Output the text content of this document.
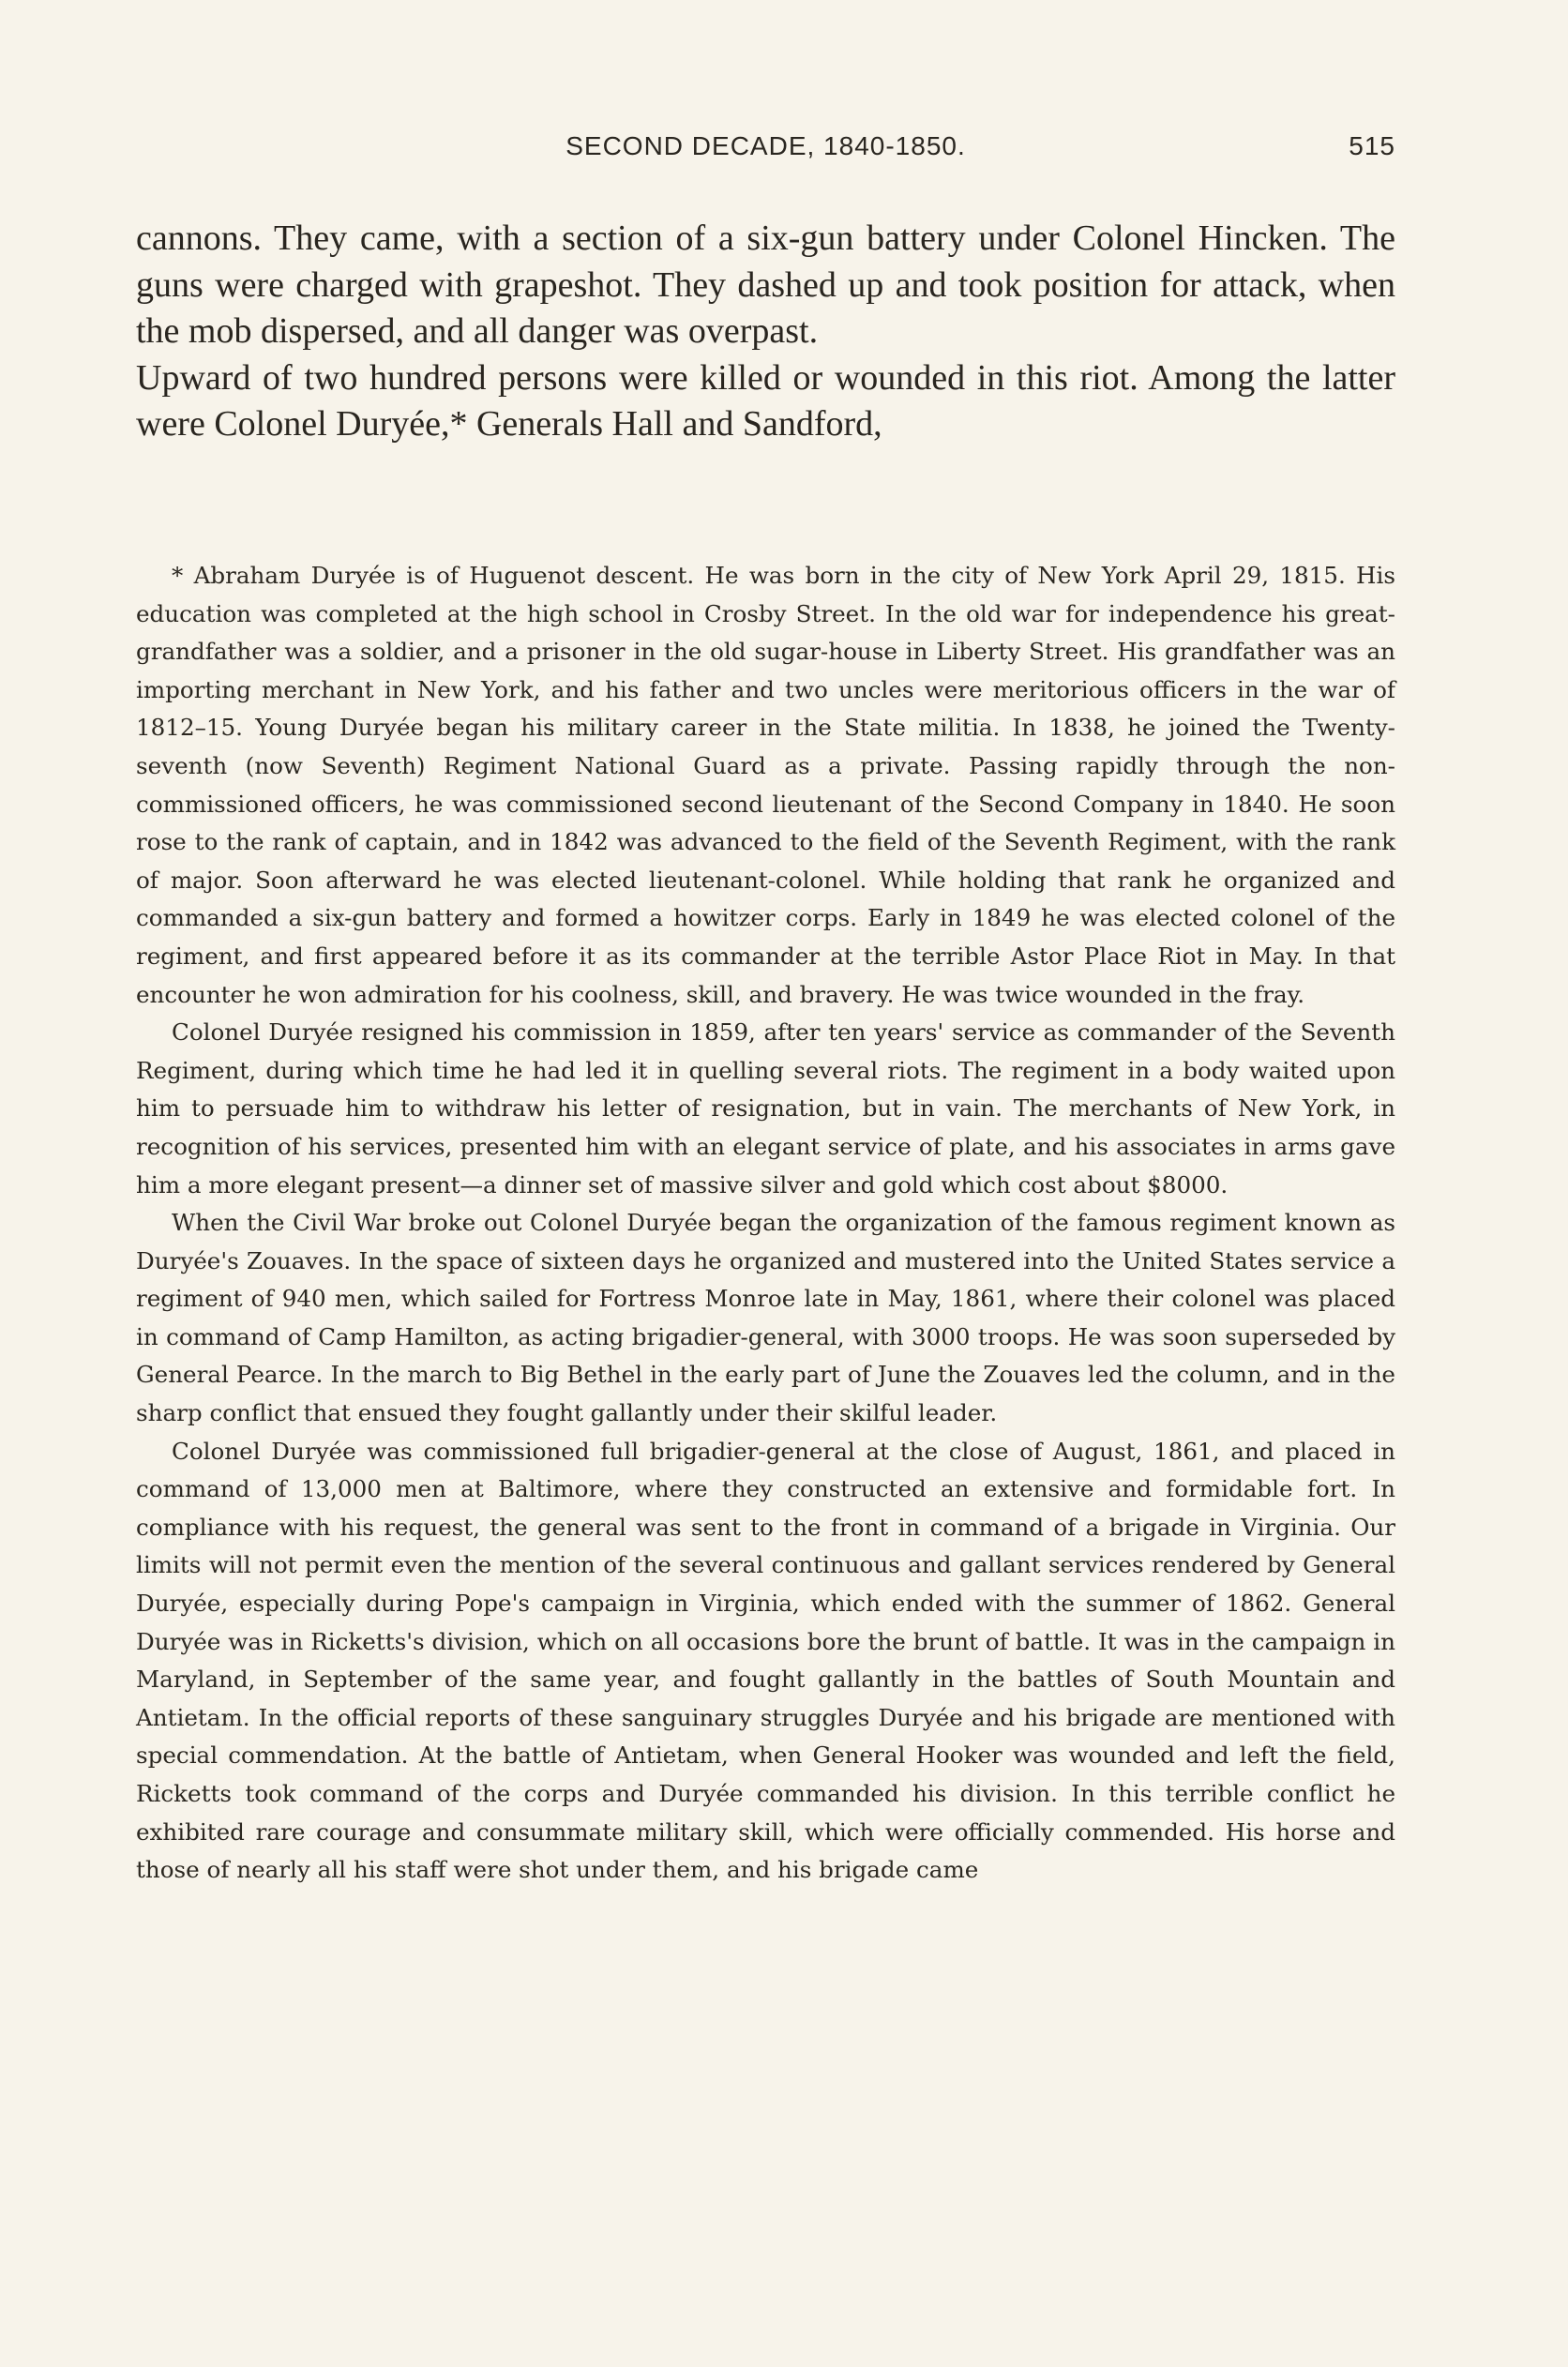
SECOND DECADE, 1840-1850.	515

cannons. They came, with a section of a six-gun battery under Colonel Hincken. The guns were charged with grapeshot. They dashed up and took position for attack, when the mob dispersed, and all danger was overpast.

Upward of two hundred persons were killed or wounded in this riot. Among the latter were Colonel Duryée,* Generals Hall and Sandford,

* Abraham Duryée is of Huguenot descent. He was born in the city of New York April 29, 1815. His education was completed at the high school in Crosby Street. In the old war for independence his great-grandfather was a soldier, and a prisoner in the old sugar-house in Liberty Street. His grandfather was an importing merchant in New York, and his father and two uncles were meritorious officers in the war of 1812–15. Young Duryée began his military career in the State militia. In 1838, he joined the Twenty-seventh (now Seventh) Regiment National Guard as a private. Passing rapidly through the non-commissioned officers, he was commissioned second lieutenant of the Second Company in 1840. He soon rose to the rank of captain, and in 1842 was advanced to the field of the Seventh Regiment, with the rank of major. Soon afterward he was elected lieutenant-colonel. While holding that rank he organized and commanded a six-gun battery and formed a howitzer corps. Early in 1849 he was elected colonel of the regiment, and first appeared before it as its commander at the terrible Astor Place Riot in May. In that encounter he won admiration for his coolness, skill, and bravery. He was twice wounded in the fray.

Colonel Duryée resigned his commission in 1859, after ten years' service as commander of the Seventh Regiment, during which time he had led it in quelling several riots. The regiment in a body waited upon him to persuade him to withdraw his letter of resignation, but in vain. The merchants of New York, in recognition of his services, presented him with an elegant service of plate, and his associates in arms gave him a more elegant present—a dinner set of massive silver and gold which cost about $8000.

When the Civil War broke out Colonel Duryée began the organization of the famous regiment known as Duryée's Zouaves. In the space of sixteen days he organized and mustered into the United States service a regiment of 940 men, which sailed for Fortress Monroe late in May, 1861, where their colonel was placed in command of Camp Hamilton, as acting brigadier-general, with 3000 troops. He was soon superseded by General Pearce. In the march to Big Bethel in the early part of June the Zouaves led the column, and in the sharp conflict that ensued they fought gallantly under their skilful leader.

Colonel Duryée was commissioned full brigadier-general at the close of August, 1861, and placed in command of 13,000 men at Baltimore, where they constructed an extensive and formidable fort. In compliance with his request, the general was sent to the front in command of a brigade in Virginia. Our limits will not permit even the mention of the several continuous and gallant services rendered by General Duryée, especially during Pope's campaign in Virginia, which ended with the summer of 1862. General Duryée was in Ricketts's division, which on all occasions bore the brunt of battle. It was in the campaign in Maryland, in September of the same year, and fought gallantly in the battles of South Mountain and Antietam. In the official reports of these sanguinary struggles Duryée and his brigade are mentioned with special commendation. At the battle of Antietam, when General Hooker was wounded and left the field, Ricketts took command of the corps and Duryée commanded his division. In this terrible conflict he exhibited rare courage and consummate military skill, which were officially commended. His horse and those of nearly all his staff were shot under them, and his brigade came
